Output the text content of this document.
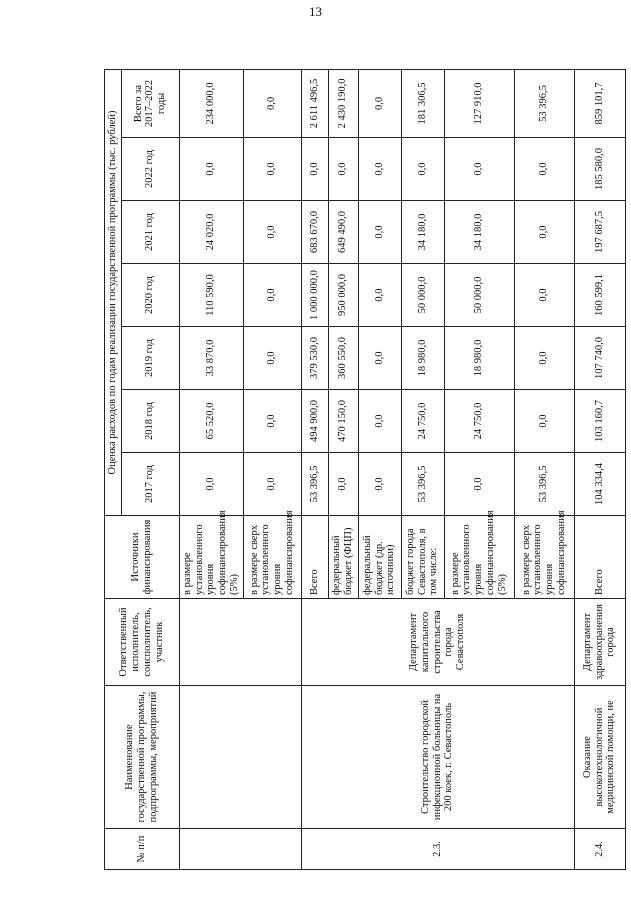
13
№ п/п	Наименование государственной программы, подпрограммы, мероприятий	Ответственный исполнитель, соисполнитель, участник	Источники финансирования	Оценка расходов по годам реализации государственной программы (тыс. рублей)						
				2017 год	2018 год	2019 год	2020 год	2021 год	2022 год	Всего за 2017–2022 годы
			в размере установленного уровня софинансирования (5%)	0,0	65 520,0	33 870,0	110 590,0	24 020,0	0,0	234 000,0
			в размере сверх установленного уровня софинансирования	0,0	0,0	0,0	0,0	0,0	0,0	0,0
2.3.	Строительство городской инфекционной больницы на 200 коек, г. Севастополь	Департамент капитального строительства города Севастополя	Всего	53 396,5	494 900,0	379 530,0	1 000 000,0	683 670,0	0,0	2 611 496,5
			федеральный бюджет (ФЦП)	0,0	470 150,0	360 550,0	950 000,0	649 490,0	0,0	2 430 190,0
			федеральный бюджет (др. источники)	0,0	0,0	0,0	0,0	0,0	0,0	0,0
			бюджет города Севастополя, в том числе:	53 396,5	24 750,0	18 980,0	50 000,0	34 180,0	0,0	181 306,5
			в размере установленного уровня софинансирования (5%)	0,0	24 750,0	18 980,0	50 000,0	34 180,0	0,0	127 910,0
			в размере сверх установленного уровня софинансирования	53 396,5	0,0	0,0	0,0	0,0	0,0	53 396,5
2.4.	Оказание высокотехнологичной медицинской помощи, не	Департамент здравоохранения города	Всего	104 334,4	103 160,7	107 740,0	160 599,1	197 687,5	185 580,0	859 101,7
